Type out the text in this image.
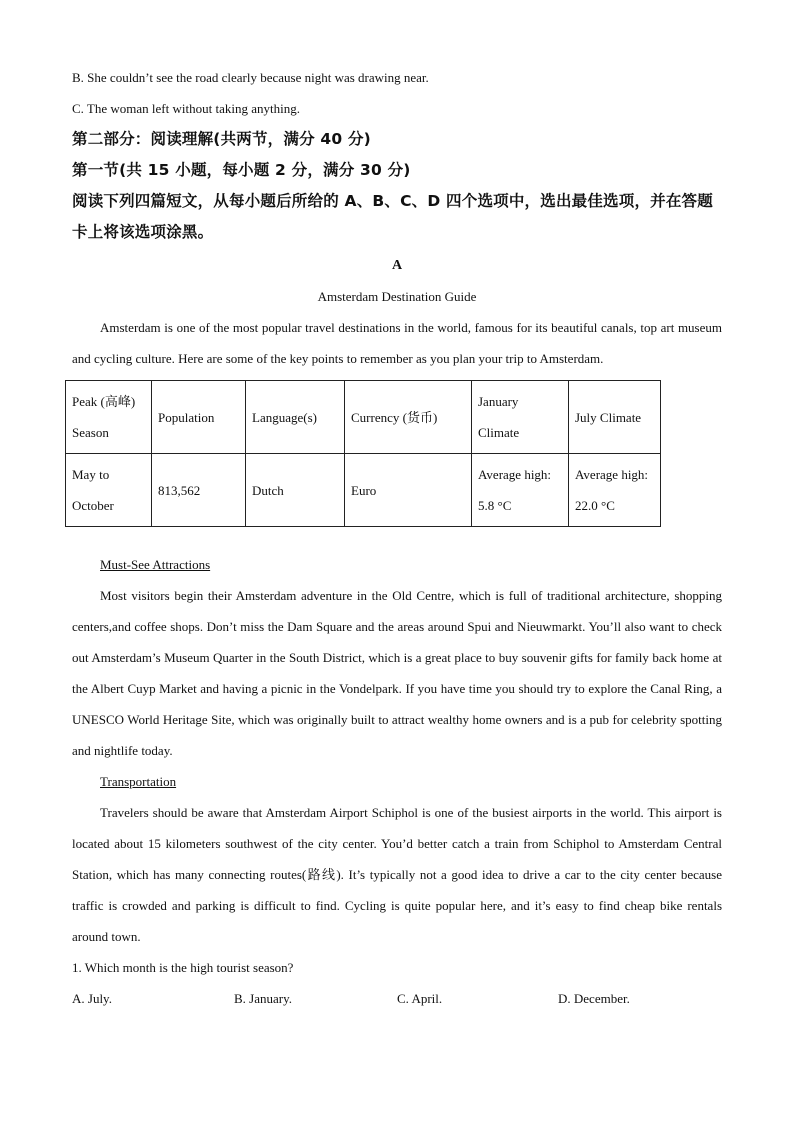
B. She couldn’t see the road clearly because night was drawing near.

C. The woman left without taking anything.

第二部分：阅读理解(共两节，满分 40 分)

第一节(共 15 小题，每小题 2 分，满分 30 分)

阅读下列四篇短文，从每小题后所给的 A、B、C、D 四个选项中，选出最佳选项，并在答题

卡上将该选项涂黑。

A

Amsterdam Destination Guide

Amsterdam is one of the most popular travel destinations in the world, famous for its beautiful canals, top art museum and cycling culture. Here are some of the key points to remember as you plan your trip to Amsterdam.

Peak (高峰) Season	Population	Language(s)	Currency (货币)	January Climate	July Climate
May to October	813,562	Dutch	Euro	Average high: 5.8 °C	Average high: 22.0 °C

Must-See Attractions

Most visitors begin their Amsterdam adventure in the Old Centre, which is full of traditional architecture, shopping centers,and coffee shops. Don’t miss the Dam Square and the areas around Spui and Nieuwmarkt. You’ll also want to check out Amsterdam’s Museum Quarter in the South District, which is a great place to buy souvenir gifts for family back home at the Albert Cuyp Market and having a picnic in the Vondelpark. If you have time you should try to explore the Canal Ring, a UNESCO World Heritage Site, which was originally built to attract wealthy home owners and is a pub for celebrity spotting and nightlife today.

Transportation

Travelers should be aware that Amsterdam Airport Schiphol is one of the busiest airports in the world. This airport is located about 15 kilometers southwest of the city center. You’d better catch a train from Schiphol to Amsterdam Central Station, which has many connecting routes(路线). It’s typically not a good idea to drive a car to the city center because traffic is crowded and parking is difficult to find. Cycling is quite popular here, and it’s easy to find cheap bike rentals around town.

1. Which month is the high tourist season?

A. July.	B. January.	C. April.	D. December.
